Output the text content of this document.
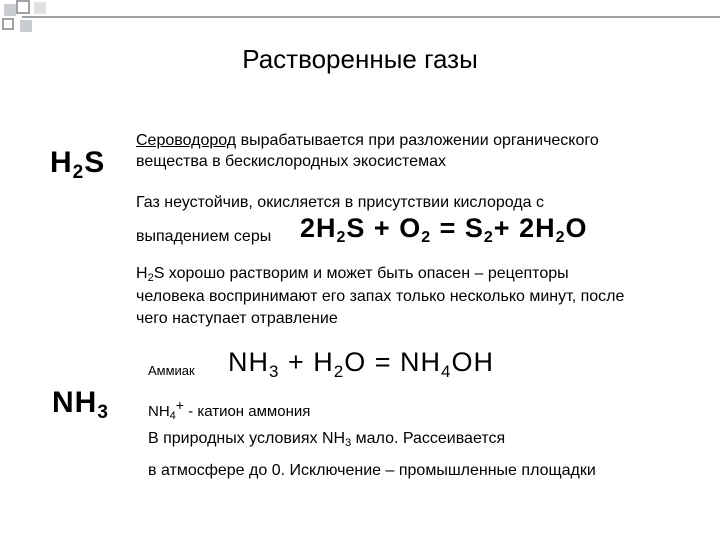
Растворенные газы
$H_2S$
Сероводород вырабатывается при разложении органического
вещества в бескислородных экосистемах
Газ неустойчив, окисляется в присутствии кислорода с
выпадением серы $2H_2S + O_2 = S_2+ 2H_2O$
$H_2S$ хорошо растворим и может быть опасен – рецепторы
человека воспринимают его запах только несколько минут, после
чего наступает отравление
Аммиак $NH_3 + H_2O = NH_4OH$
$NH_3$	$NH_4^+$ - катион аммония
В природных условиях $NH_3$ мало. Рассеивается
в атмосфере до 0. Исключение – промышленные площадки
